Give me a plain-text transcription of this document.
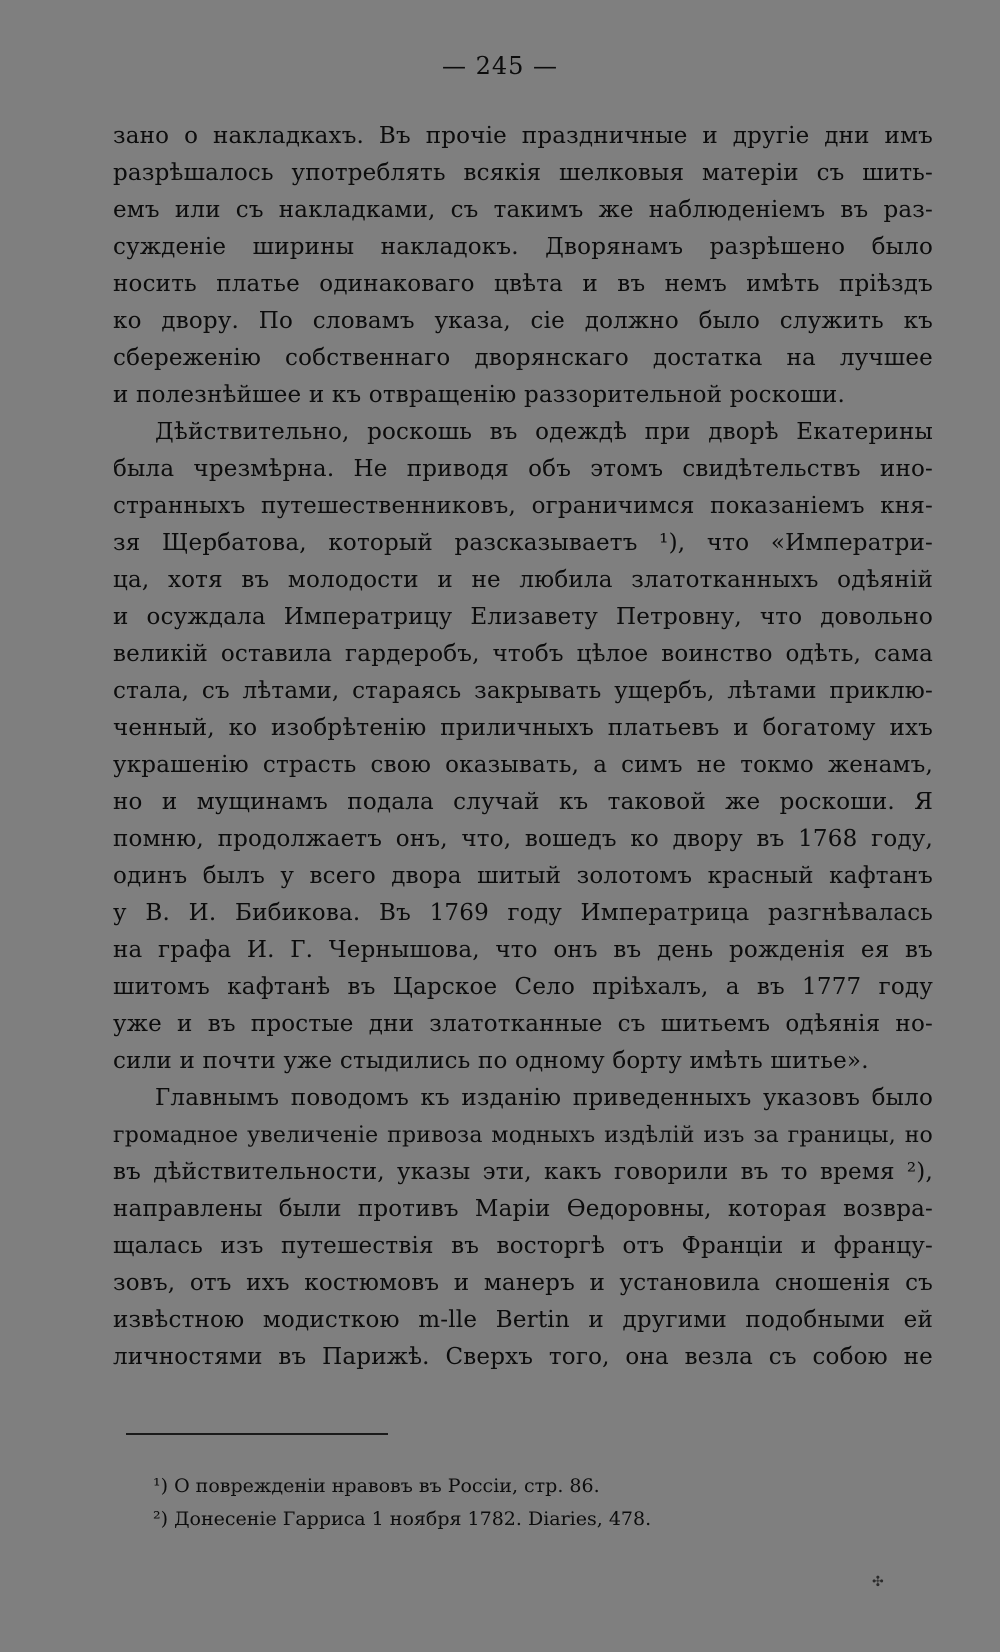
— 245 —
зано о накладкахъ. Въ прочіе праздничные и другіе дни имъ
разрѣшалось употреблять всякія шелковыя матеріи съ шить-
емъ или съ накладками, съ такимъ же наблюденіемъ въ раз-
сужденіе ширины накладокъ. Дворянамъ разрѣшено было
носить платье одинаковаго цвѣта и въ немъ имѣть пріѣздъ
ко двору. По словамъ указа, сіе должно было служить къ
сбереженію собственнаго дворянскаго достатка на лучшее
и полезнѣйшее и къ отвращенію раззорительной роскоши.
Дѣйствительно, роскошь въ одеждѣ при дворѣ Екатерины
была чрезмѣрна. Не приводя объ этомъ свидѣтельствъ ино-
странныхъ путешественниковъ, ограничимся показаніемъ кня-
зя Щербатова, который разсказываетъ ¹), что «Императри-
ца, хотя въ молодости и не любила златотканныхъ одѣяній
и осуждала Императрицу Елизавету Петровну, что довольно
великій оставила гардеробъ, чтобъ цѣлое воинство одѣть, сама
стала, съ лѣтами, стараясь закрывать ущербъ, лѣтами приклю-
ченный, ко изобрѣтенію приличныхъ платьевъ и богатому ихъ
украшенію страсть свою оказывать, а симъ не токмо женамъ,
но и мущинамъ подала случай къ таковой же роскоши. Я
помню, продолжаетъ онъ, что, вошедъ ко двору въ 1768 году,
одинъ былъ у всего двора шитый золотомъ красный кафтанъ
у В. И. Бибикова. Въ 1769 году Императрица разгнѣвалась
на графа И. Г. Чернышова, что онъ въ день рожденія ея въ
шитомъ кафтанѣ въ Царское Село пріѣхалъ, а въ 1777 году
уже и въ простые дни златотканные съ шитьемъ одѣянія но-
сили и почти уже стыдились по одному борту имѣть шитье».
Главнымъ поводомъ къ изданію приведенныхъ указовъ было
громадное увеличеніе привоза модныхъ издѣлій изъ за границы, но
въ дѣйствительности, указы эти, какъ говорили въ то время ²),
направлены были противъ Маріи Ѳедоровны, которая возвра-
щалась изъ путешествія въ восторгѣ отъ Франціи и францу-
зовъ, отъ ихъ костюмовъ и манеръ и установила сношенія съ
извѣстною модисткою m-lle Bertin и другими подобными ей
личностями въ Парижѣ. Сверхъ того, она везла съ собою не
¹) О поврежденіи нравовъ въ Россіи, стр. 86.
²) Донесеніе Гарриса 1 ноября 1782. Diaries, 478.
✣
